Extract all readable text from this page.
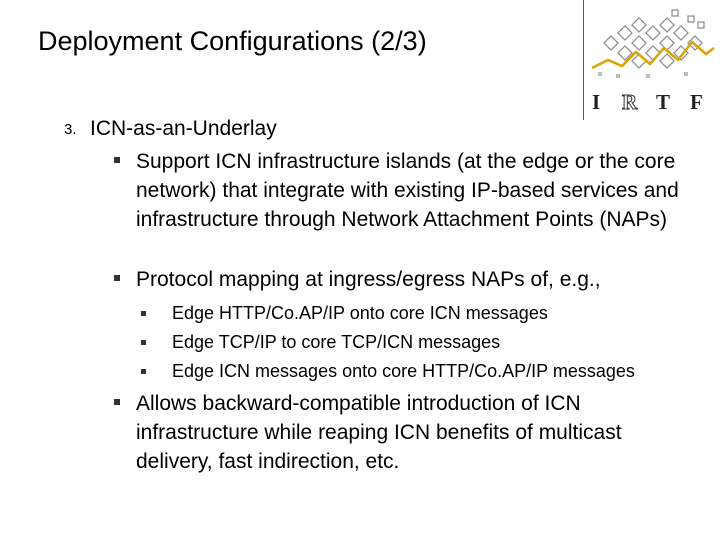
Deployment Configurations (2/3)
I R T F
3. ICN-as-an-Underlay
Support ICN infrastructure islands (at the edge or the core network) that integrate with existing IP-based services and infrastructure through Network Attachment Points (NAPs)
Protocol mapping at ingress/egress NAPs of, e.g.,
Edge HTTP/Co.AP/IP onto core ICN messages
Edge TCP/IP to core TCP/ICN messages
Edge ICN messages onto core HTTP/Co.AP/IP messages
Allows backward-compatible introduction of ICN infrastructure while reaping ICN benefits of multicast delivery, fast indirection, etc.
